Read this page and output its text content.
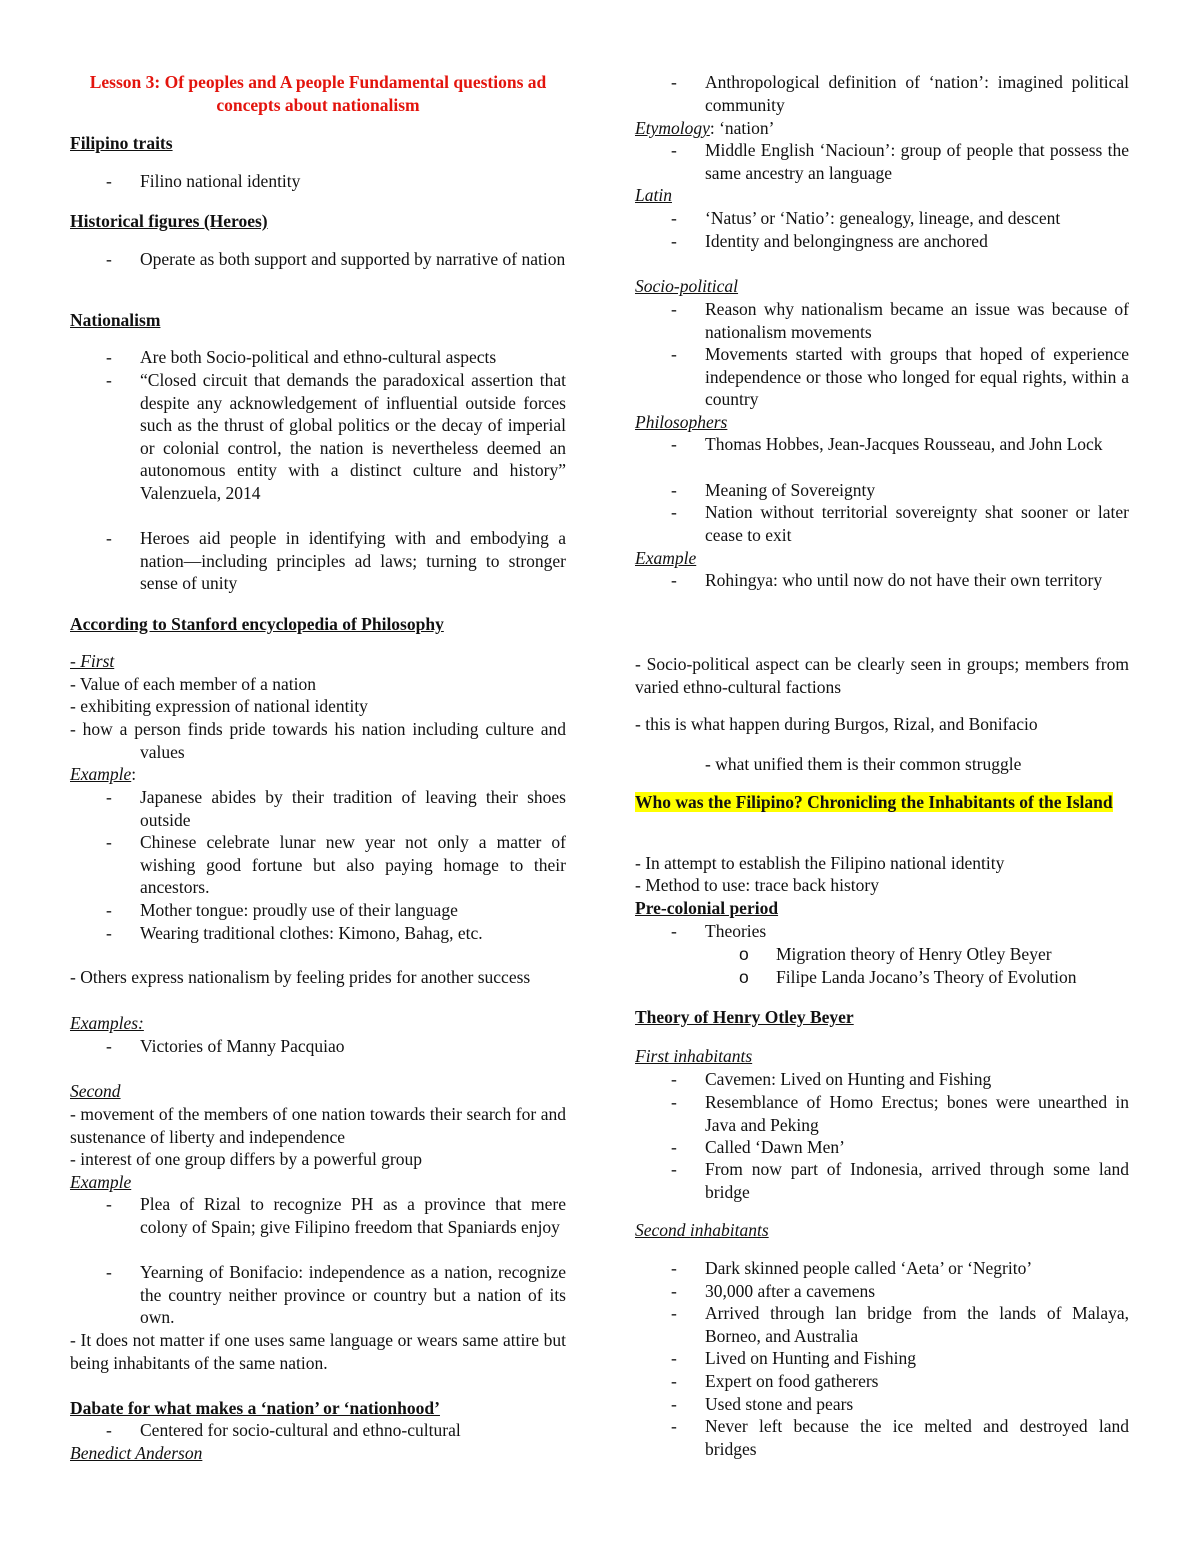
Lesson 3: Of peoples and A people Fundamental questions ad concepts about nationalism
Filipino traits
- Filino national identity
Historical figures (Heroes)
- Operate as both support and supported by narrative of nation
Nationalism
- Are both Socio-political and ethno-cultural aspects
- “Closed circuit that demands the paradoxical assertion that despite any acknowledgement of influential outside forces such as the thrust of global politics or the decay of imperial or colonial control, the nation is nevertheless deemed an autonomous entity with a distinct culture and history” Valenzuela, 2014
- Heroes aid people in identifying with and embodying a nation—including principles ad laws; turning to stronger sense of unity
According to Stanford encyclopedia of Philosophy
- First
- Value of each member of a nation
- exhibiting expression of national identity
- how a person finds pride towards his nation including culture and values
Example:
- Japanese abides by their tradition of leaving their shoes outside
- Chinese celebrate lunar new year not only a matter of wishing good fortune but also paying homage to their ancestors.
- Mother tongue: proudly use of their language
- Wearing traditional clothes: Kimono, Bahag, etc.
- Others express nationalism by feeling prides for another success
Examples:
- Victories of Manny Pacquiao
Second
- movement of the members of one nation towards their search for and sustenance of liberty and independence
- interest of one group differs by a powerful group
Example
- Plea of Rizal to recognize PH as a province that mere colony of Spain; give Filipino freedom that Spaniards enjoy
- Yearning of Bonifacio: independence as a nation, recognize the country neither province or country but a nation of its own.
- It does not matter if one uses same language or wears same attire but being inhabitants of the same nation.
Dabate for what makes a ‘nation’ or ‘nationhood’
- Centered for socio-cultural and ethno-cultural
Benedict Anderson
- Anthropological definition of ‘nation’: imagined political community
Etymology: ‘nation’
- Middle English ‘Nacioun’: group of people that possess the same ancestry an language
Latin
- ‘Natus’ or ‘Natio’: genealogy, lineage, and descent
- Identity and belongingness are anchored
Socio-political
- Reason why nationalism became an issue was because of nationalism movements
- Movements started with groups that hoped of experience independence or those who longed for equal rights, within a country
Philosophers
- Thomas Hobbes, Jean-Jacques Rousseau, and John Lock
- Meaning of Sovereignty
- Nation without territorial sovereignty shat sooner or later cease to exit
Example
- Rohingya: who until now do not have their own territory
- Socio-political aspect can be clearly seen in groups; members from varied ethno-cultural factions
- this is what happen during Burgos, Rizal, and Bonifacio
- what unified them is their common struggle
Who was the Filipino? Chronicling the Inhabitants of the Island
- In attempt to establish the Filipino national identity
- Method to use: trace back history
Pre-colonial period
- Theories
o Migration theory of Henry Otley Beyer
o Filipe Landa Jocano’s Theory of Evolution
Theory of Henry Otley Beyer
First inhabitants
- Cavemen: Lived on Hunting and Fishing
- Resemblance of Homo Erectus; bones were unearthed in Java and Peking
- Called ‘Dawn Men’
- From now part of Indonesia, arrived through some land bridge
Second inhabitants
- Dark skinned people called ‘Aeta’ or ‘Negrito’
- 30,000 after a cavemens
- Arrived through lan bridge from the lands of Malaya, Borneo, and Australia
- Lived on Hunting and Fishing
- Expert on food gatherers
- Used stone and pears
- Never left because the ice melted and destroyed land bridges
